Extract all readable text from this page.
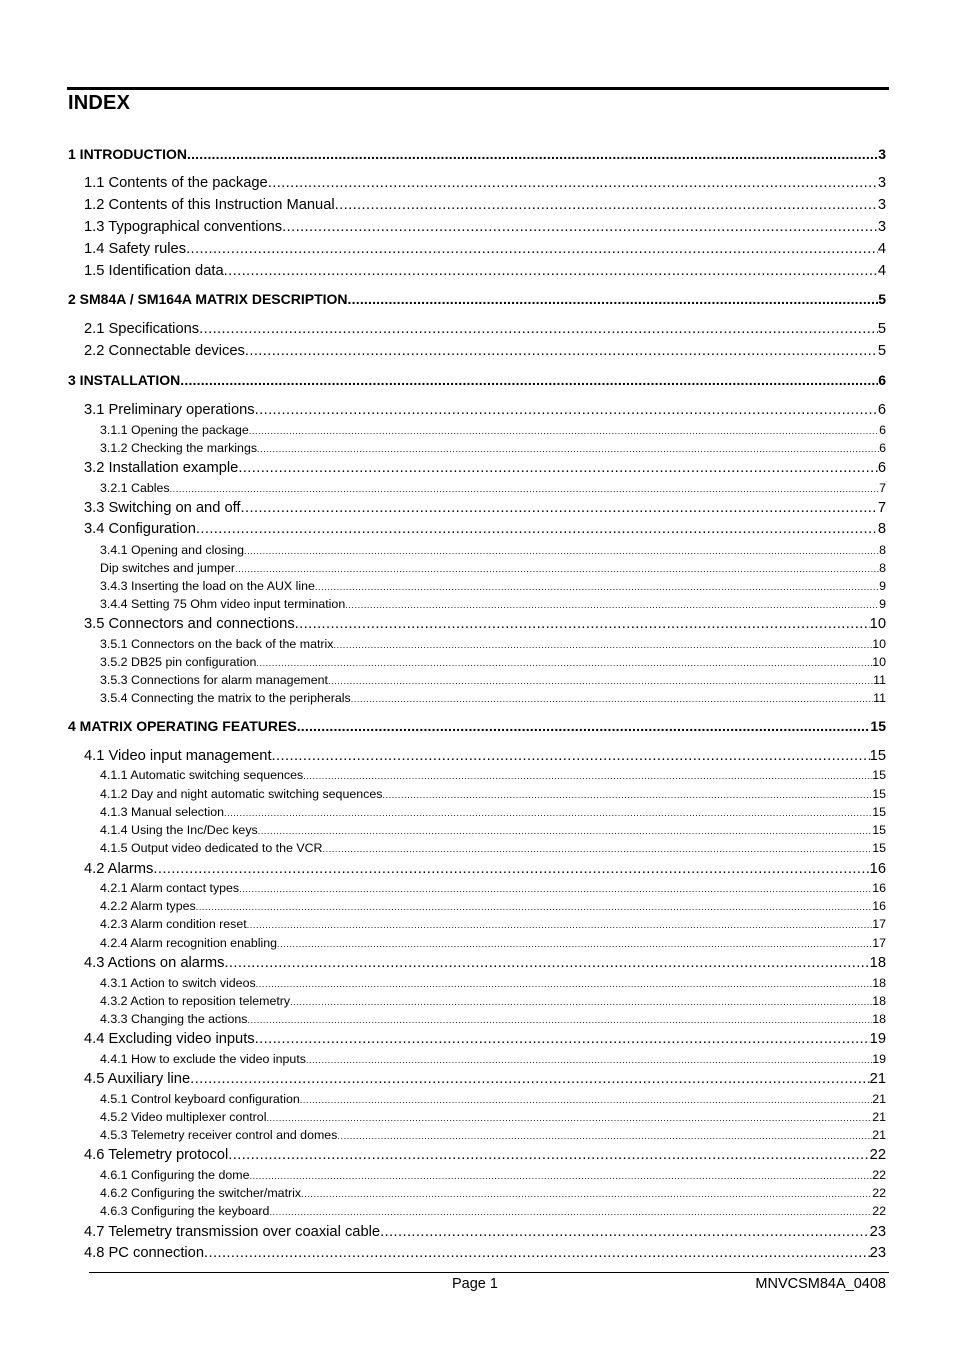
INDEX
1 INTRODUCTION .....	3
1.1 Contents of the package .....	3
1.2 Contents of this Instruction Manual .....	3
1.3 Typographical conventions .....	3
1.4 Safety rules .....	4
1.5 Identification data .....	4
2 SM84A / SM164A MATRIX DESCRIPTION .....	5
2.1 Specifications .....	5
2.2 Connectable devices .....	5
3 INSTALLATION .....	6
3.1 Preliminary operations .....	6
3.1.1 Opening the package .....	6
3.1.2 Checking the markings .....	6
3.2 Installation example .....	6
3.2.1 Cables .....	7
3.3 Switching on and off .....	7
3.4 Configuration .....	8
3.4.1 Opening and closing .....	8
Dip switches and jumper .....	8
3.4.3 Inserting the load on the AUX line .....	9
3.4.4 Setting 75 Ohm video input termination .....	9
3.5 Connectors and connections .....	10
3.5.1 Connectors on the back of the matrix .....	10
3.5.2 DB25 pin configuration .....	10
3.5.3 Connections for alarm management .....	11
3.5.4 Connecting the matrix to the peripherals .....	11
4 MATRIX OPERATING FEATURES .....	15
4.1 Video input management .....	15
4.1.1 Automatic switching sequences .....	15
4.1.2 Day and night automatic switching sequences .....	15
4.1.3 Manual selection .....	15
4.1.4 Using the Inc/Dec keys .....	15
4.1.5 Output video dedicated to the VCR .....	15
4.2 Alarms .....	16
4.2.1 Alarm contact types .....	16
4.2.2 Alarm types .....	16
4.2.3 Alarm condition reset .....	17
4.2.4 Alarm recognition enabling .....	17
4.3 Actions on alarms .....	18
4.3.1 Action to switch videos .....	18
4.3.2 Action to reposition telemetry .....	18
4.3.3 Changing the actions .....	18
4.4 Excluding video inputs .....	19
4.4.1 How to exclude the video inputs .....	19
4.5 Auxiliary line .....	21
4.5.1 Control keyboard configuration .....	21
4.5.2 Video multiplexer control .....	21
4.5.3 Telemetry receiver control and domes .....	21
4.6 Telemetry protocol .....	22
4.6.1 Configuring the dome .....	22
4.6.2 Configuring the switcher/matrix .....	22
4.6.3 Configuring the keyboard .....	22
4.7 Telemetry transmission over coaxial cable .....	23
4.8 PC connection .....	23
Page 1	MNVCSM84A_0408
